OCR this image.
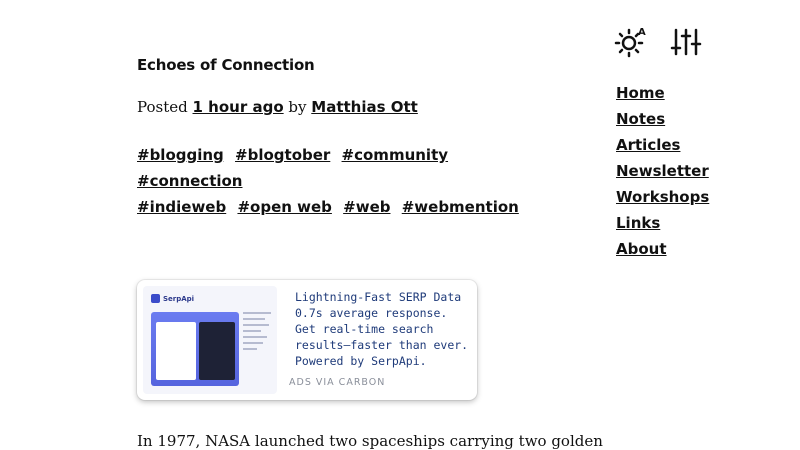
Echoes of Connection

Posted 1 hour ago by Matthias Ott

#blogging #blogtober #community #connection
#indieweb #open web #web #webmention
SerpApi	Lightning-Fast SERP Data 0.7s average response. Get real-time search results—faster than ever. Powered by SerpApi.
ADS VIA CARBON

In 1977, NASA launched two spaceships carrying two golden

A
Home
Notes
Articles
Newsletter
Workshops
Links
About
